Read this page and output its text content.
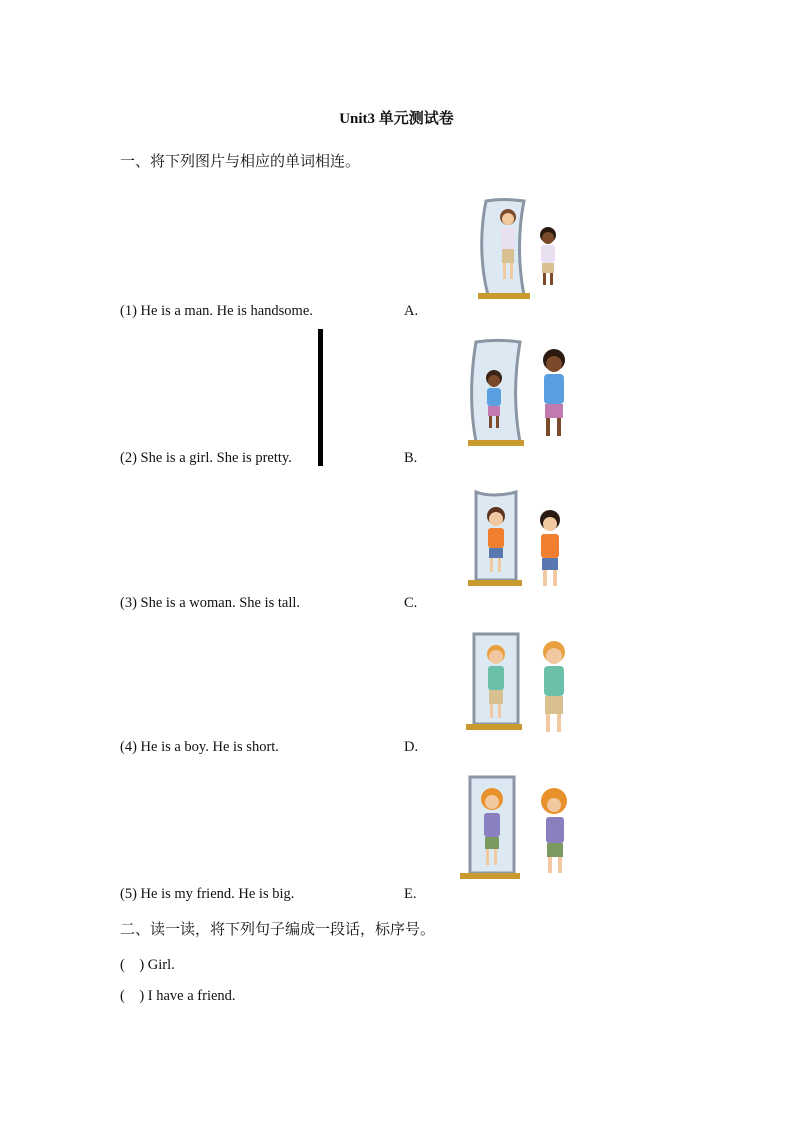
Unit3 单元测试卷
一、将下列图片与相应的单词相连。
(1) He is a man. He is handsome.
(2) She is a girl. She is pretty.
(3) She is a woman. She is tall.
(4) He is a boy. He is short.
(5) He is my friend. He is big.
A.
B.
C.
D.
E.
二、读一读，将下列句子编成一段话，标序号。
(    ) Girl.
(    ) I have a friend.
